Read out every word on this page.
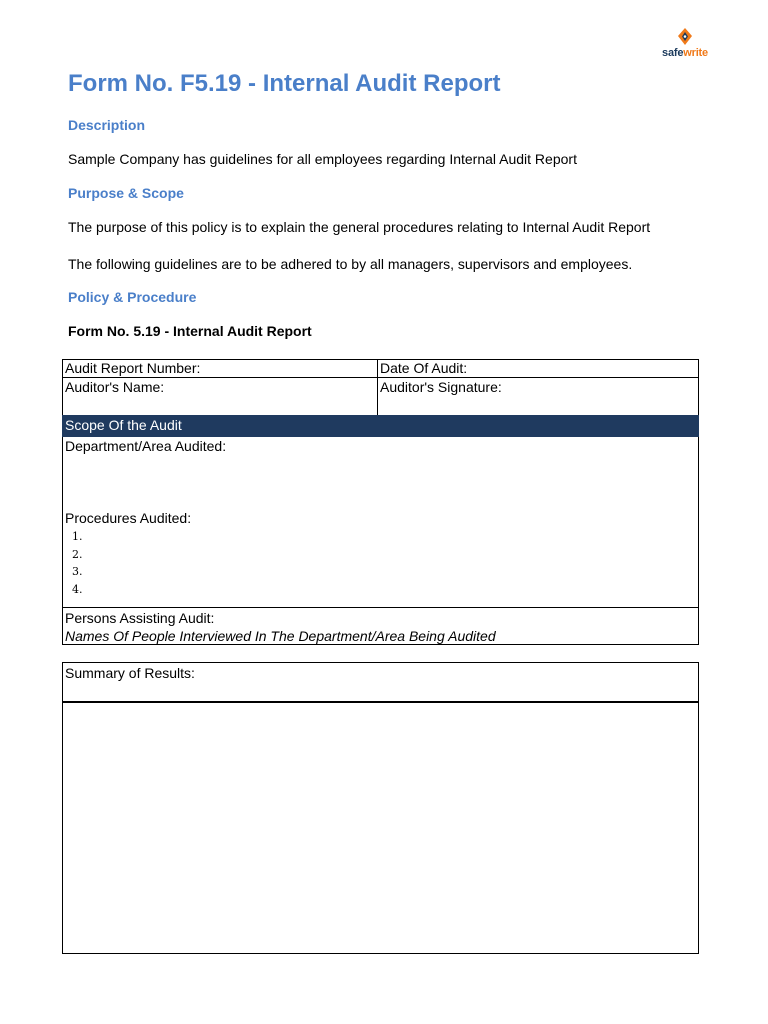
safewrite
Form No. F5.19 - Internal Audit Report
Description
Sample Company has guidelines for all employees regarding Internal Audit Report
Purpose & Scope
The purpose of this policy is to explain the general procedures relating to Internal Audit Report
The following guidelines are to be adhered to by all managers, supervisors and employees.
Policy & Procedure
Form No. 5.19 - Internal Audit Report
Audit Report Number:	Date Of Audit:
Auditor's Name:	Auditor's Signature:
Scope Of the Audit
Department/Area Audited:
Procedures Audited:
1.
2.
3.
4.
Persons Assisting Audit:
Names Of People Interviewed In The Department/Area Being Audited
Summary of Results:
